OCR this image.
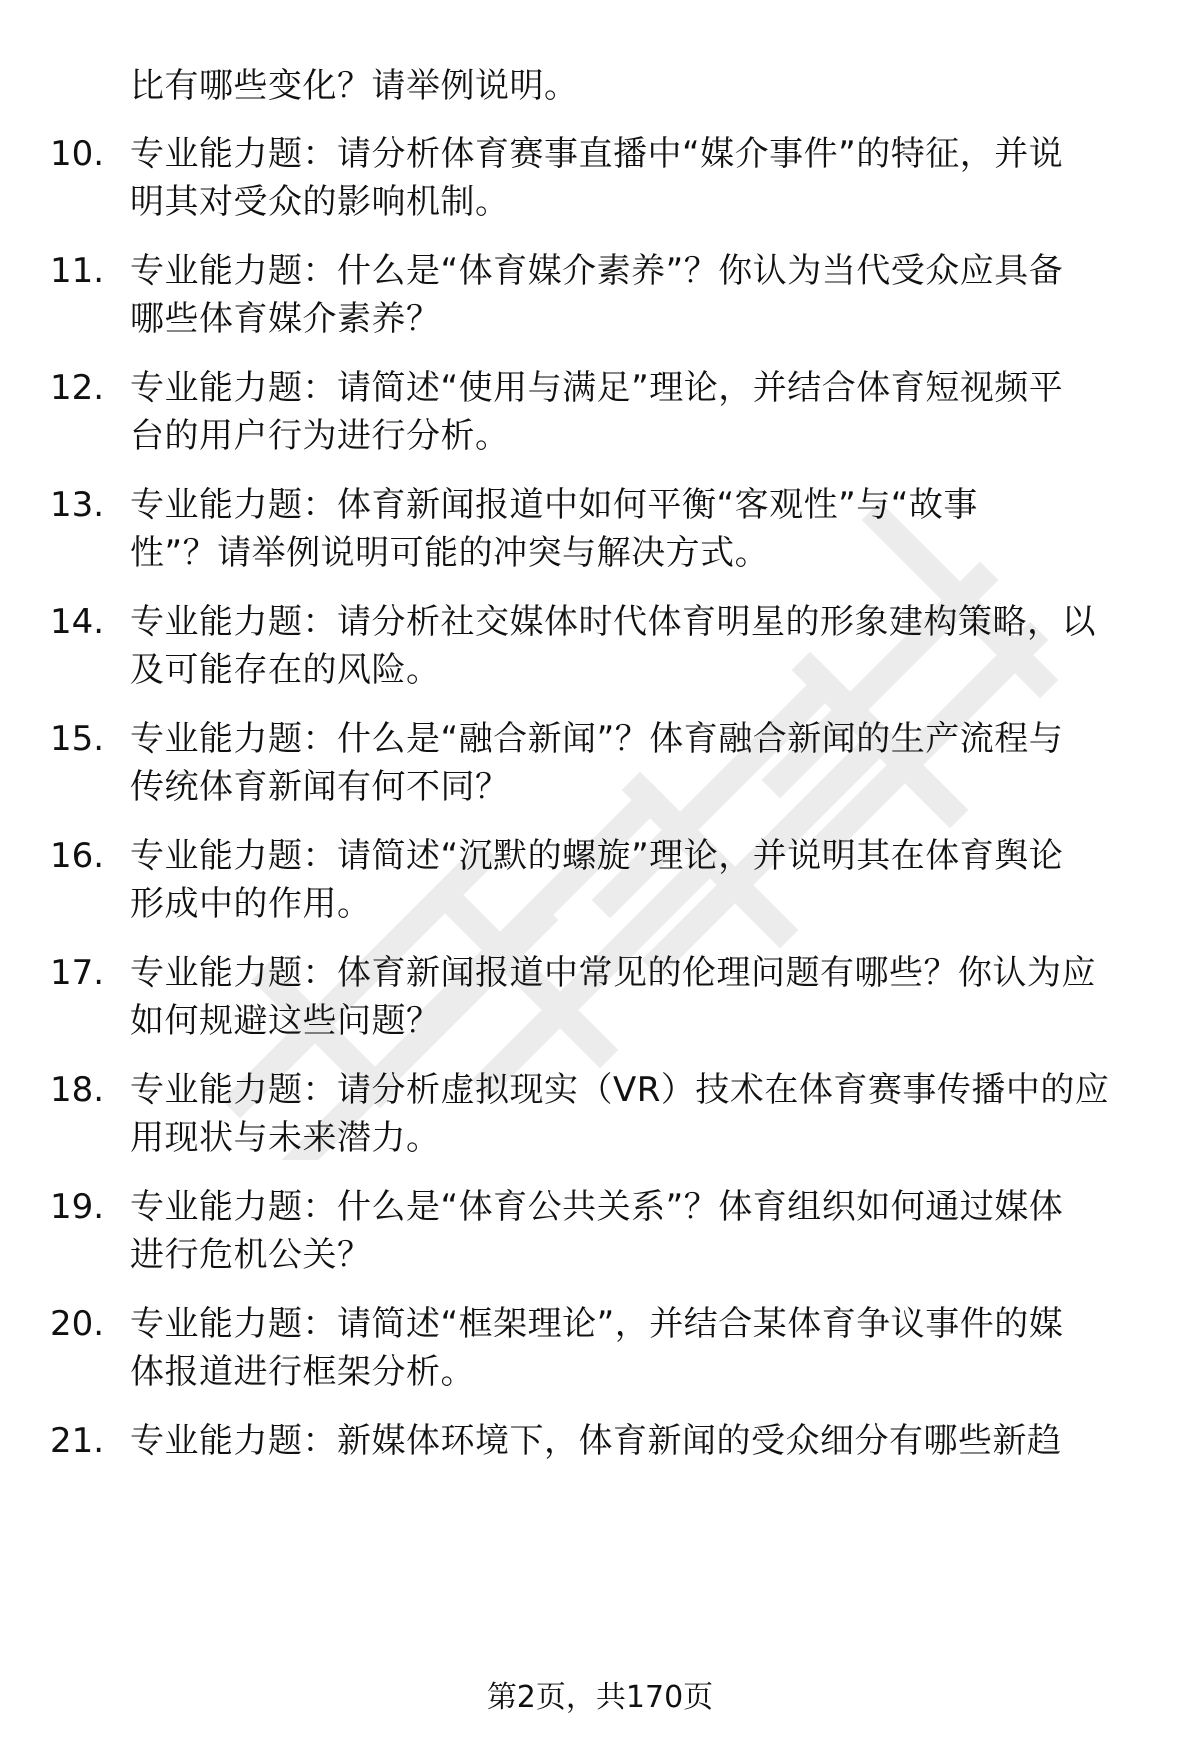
比有哪些变化？请举例说明。
10. 专业能力题：请分析体育赛事直播中“媒介事件”的特征，并说
明其对受众的影响机制。
11. 专业能力题：什么是“体育媒介素养”？你认为当代受众应具备
哪些体育媒介素养？
12. 专业能力题：请简述“使用与满足”理论，并结合体育短视频平
台的用户行为进行分析。
13. 专业能力题：体育新闻报道中如何平衡“客观性”与“故事
性”？请举例说明可能的冲突与解决方式。
14. 专业能力题：请分析社交媒体时代体育明星的形象建构策略，以
及可能存在的风险。
15. 专业能力题：什么是“融合新闻”？体育融合新闻的生产流程与
传统体育新闻有何不同？
16. 专业能力题：请简述“沉默的螺旋”理论，并说明其在体育舆论
形成中的作用。
17. 专业能力题：体育新闻报道中常见的伦理问题有哪些？你认为应
如何规避这些问题？
18. 专业能力题：请分析虚拟现实（VR）技术在体育赛事传播中的应
用现状与未来潜力。
19. 专业能力题：什么是“体育公共关系”？体育组织如何通过媒体
进行危机公关？
20. 专业能力题：请简述“框架理论”，并结合某体育争议事件的媒
体报道进行框架分析。
21. 专业能力题：新媒体环境下，体育新闻的受众细分有哪些新趋
第2页，共170页
